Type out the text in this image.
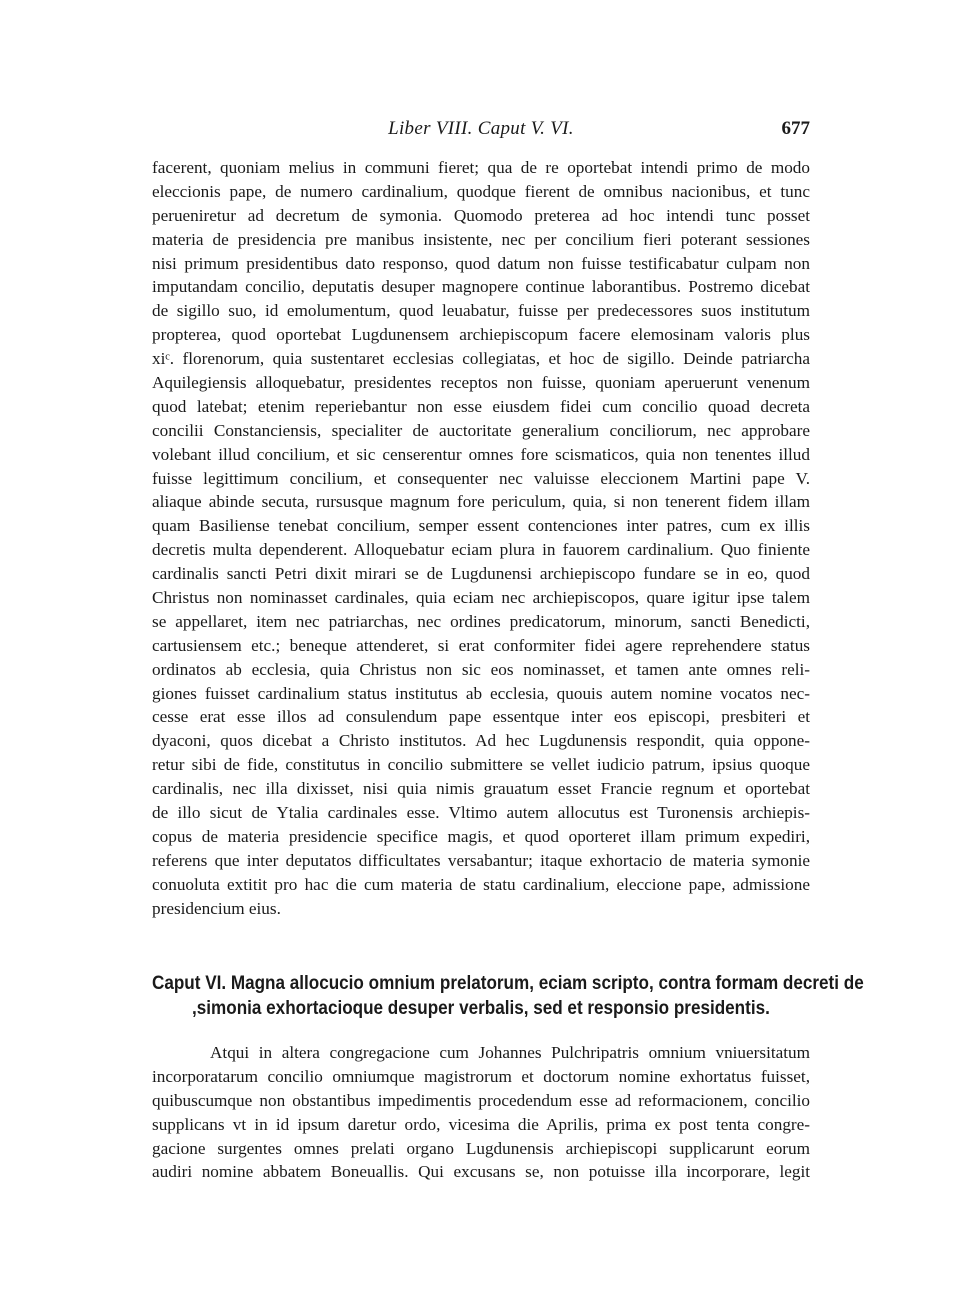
Liber VIII. Caput V. VI.	677
facerent, quoniam melius in communi fieret; qua de re oportebat intendi primo de modo
eleccionis pape, de numero cardinalium, quodque fierent de omnibus nacionibus, et tunc
perueniretur ad decretum de symonia. Quomodo preterea ad hoc intendi tunc posset
materia de presidencia pre manibus insistente, nec per concilium fieri poterant sessiones
nisi primum presidentibus dato responso, quod datum non fuisse testificabatur culpam non
imputandam concilio, deputatis desuper magnopere continue laborantibus. Postremo dicebat
de sigillo suo, id emolumentum, quod leuabatur, fuisse per predecessores suos institutum
propterea, quod oportebat Lugdunensem archiepiscopum facere elemosinam valoris plus
xiᶜ. florenorum, quia sustentaret ecclesias collegiatas, et hoc de sigillo. Deinde patriarcha
Aquilegiensis alloquebatur, presidentes receptos non fuisse, quoniam aperuerunt venenum
quod latebat; etenim reperiebantur non esse eiusdem fidei cum concilio quoad decreta
concilii Constanciensis, specialiter de auctoritate generalium conciliorum, nec approbare
volebant illud concilium, et sic censerentur omnes fore scismaticos, quia non tenentes illud
fuisse legittimum concilium, et consequenter nec valuisse eleccionem Martini pape V.
aliaque abinde secuta, rursusque magnum fore periculum, quia, si non tenerent fidem illam
quam Basiliense tenebat concilium, semper essent contenciones inter patres, cum ex illis
decretis multa dependerent. Alloquebatur eciam plura in fauorem cardinalium. Quo finiente
cardinalis sancti Petri dixit mirari se de Lugdunensi archiepiscopo fundare se in eo, quod
Christus non nominasset cardinales, quia eciam nec archiepiscopos, quare igitur ipse talem
se appellaret, item nec patriarchas, nec ordines predicatorum, minorum, sancti Benedicti,
cartusiensem etc.; beneque attenderet, si erat conformiter fidei agere reprehendere status
ordinatos ab ecclesia, quia Christus non sic eos nominasset, et tamen ante omnes reli-
giones fuisset cardinalium status institutus ab ecclesia, quouis autem nomine vocatos nec-
cesse erat esse illos ad consulendum pape essentque inter eos episcopi, presbiteri et
dyaconi, quos dicebat a Christo institutos. Ad hec Lugdunensis respondit, quia oppone-
retur sibi de fide, constitutus in concilio submittere se vellet iudicio patrum, ipsius quoque
cardinalis, nec illa dixisset, nisi quia nimis grauatum esset Francie regnum et oportebat
de illo sicut de Ytalia cardinales esse. Vltimo autem allocutus est Turonensis archiepis-
copus de materia presidencie specifice magis, et quod oporteret illam primum expediri,
referens que inter deputatos difficultates versabantur; itaque exhortacio de materia symonie
conuoluta extitit pro hac die cum materia de statu cardinalium, eleccione pape, admissione
presidencium eius.
Caput VI. Magna allocucio omnium prelatorum, eciam scripto, contra formam decreti de
,simonia exhortacioque desuper verbalis, sed et responsio presidentis.
Atqui in altera congregacione cum Johannes Pulchripatris omnium vniuersitatum
incorporatarum concilio omniumque magistrorum et doctorum nomine exhortatus fuisset,
quibuscumque non obstantibus impedimentis procedendum esse ad reformacionem, concilio
supplicans vt in id ipsum daretur ordo, vicesima die Aprilis, prima ex post tenta congre-
gacione surgentes omnes prelati organo Lugdunensis archiepiscopi supplicarunt eorum
audiri nomine abbatem Boneuallis. Qui excusans se, non potuisse illa incorporare, legit
